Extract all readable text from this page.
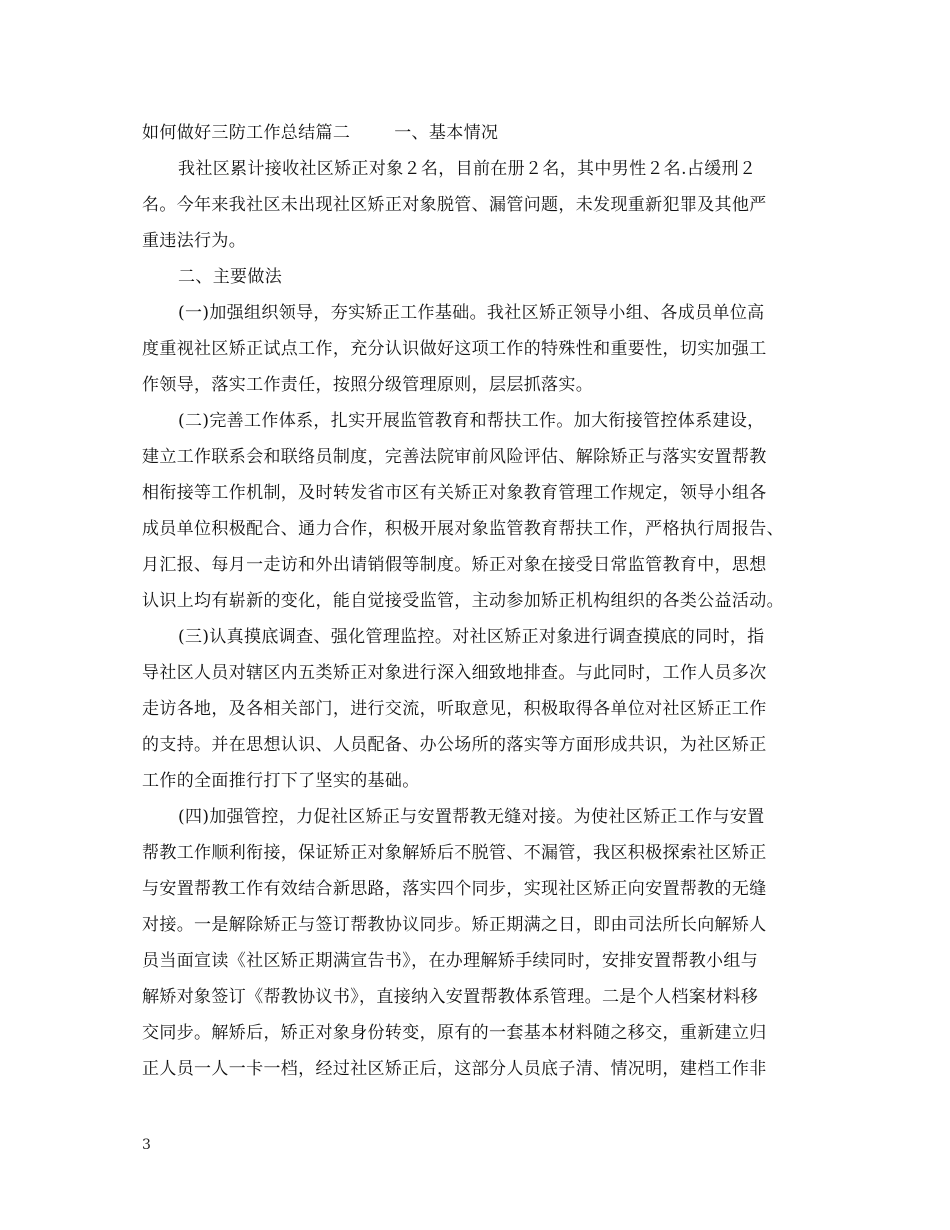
如何做好三防工作总结篇二	一、基本情况
我社区累计接收社区矫正对象２名，目前在册２名，其中男性２名.占缓刑２
名。今年来我社区未出现社区矫正对象脱管、漏管问题，未发现重新犯罪及其他严
重违法行为。
二、主要做法
(一)加强组织领导，夯实矫正工作基础。我社区矫正领导小组、各成员单位高
度重视社区矫正试点工作，充分认识做好这项工作的特殊性和重要性，切实加强工
作领导，落实工作责任，按照分级管理原则，层层抓落实。
(二)完善工作体系，扎实开展监管教育和帮扶工作。加大衔接管控体系建设，
建立工作联系会和联络员制度，完善法院审前风险评估、解除矫正与落实安置帮教
相衔接等工作机制，及时转发省市区有关矫正对象教育管理工作规定，领导小组各
成员单位积极配合、通力合作，积极开展对象监管教育帮扶工作，严格执行周报告、
月汇报、每月一走访和外出请销假等制度。矫正对象在接受日常监管教育中，思想
认识上均有崭新的变化，能自觉接受监管，主动参加矫正机构组织的各类公益活动。
(三)认真摸底调查、强化管理监控。对社区矫正对象进行调查摸底的同时，指
导社区人员对辖区内五类矫正对象进行深入细致地排查。与此同时，工作人员多次
走访各地，及各相关部门，进行交流，听取意见，积极取得各单位对社区矫正工作
的支持。并在思想认识、人员配备、办公场所的落实等方面形成共识，为社区矫正
工作的全面推行打下了坚实的基础。
(四)加强管控，力促社区矫正与安置帮教无缝对接。为使社区矫正工作与安置
帮教工作顺利衔接，保证矫正对象解矫后不脱管、不漏管，我区积极探索社区矫正
与安置帮教工作有效结合新思路，落实四个同步，实现社区矫正向安置帮教的无缝
对接。一是解除矫正与签订帮教协议同步。矫正期满之日，即由司法所长向解矫人
员当面宣读《社区矫正期满宣告书》，在办理解矫手续同时，安排安置帮教小组与
解矫对象签订《帮教协议书》，直接纳入安置帮教体系管理。二是个人档案材料移
交同步。解矫后，矫正对象身份转变，原有的一套基本材料随之移交，重新建立归
正人员一人一卡一档，经过社区矫正后，这部分人员底子清、情况明，建档工作非
3
